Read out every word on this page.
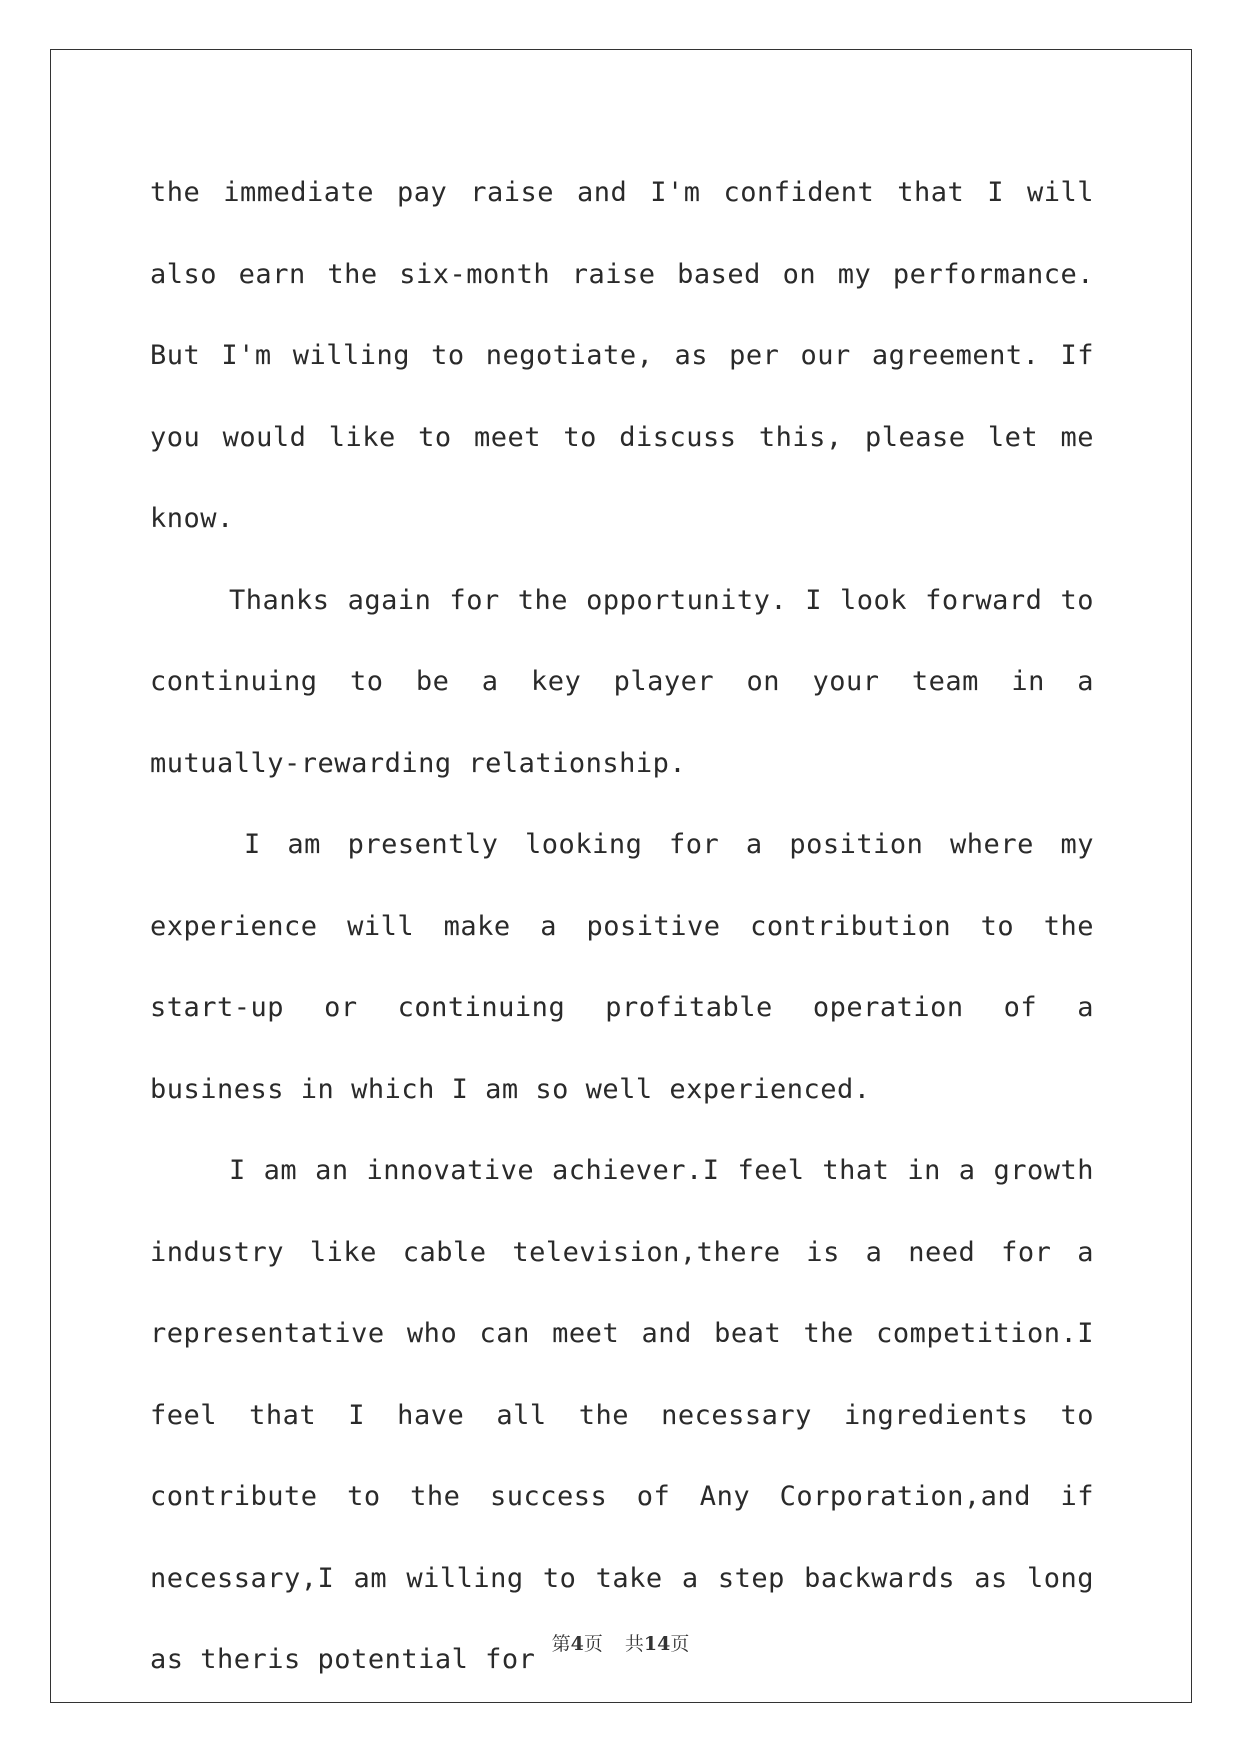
the immediate pay raise and I'm confident that I will also earn the six-month raise based on my performance. But I'm willing to negotiate, as per our agreement. If you would like to meet to discuss this, please let me know.

Thanks again for the opportunity. I look forward to continuing to be a key player on your team in a mutually-rewarding relationship.

I am presently looking for a position where my experience will make a positive contribution to the start-up or continuing profitable operation of a business in which I am so well experienced.

I am an innovative achiever.I feel that in a growth industry like cable television,there is a need for a representative who can meet and beat the competition.I feel that I have all the necessary ingredients to contribute to the success of Any Corporation,and if necessary,I am willing to take a step backwards as long as theris potential for 第4页 共14页
